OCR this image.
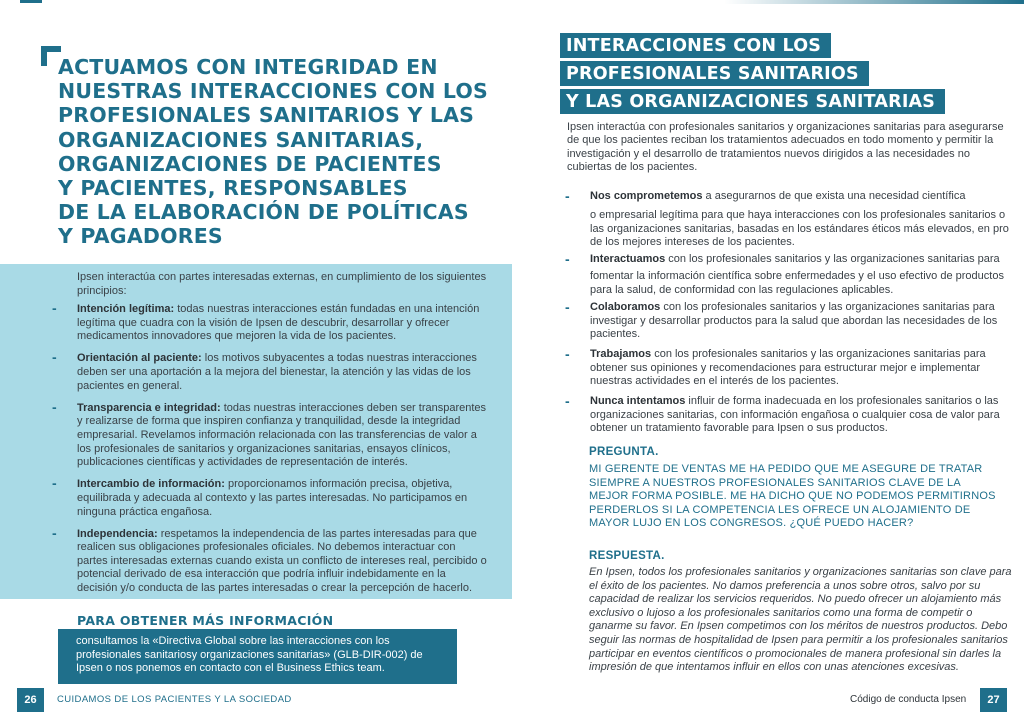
ACTUAMOS CON INTEGRIDAD EN
NUESTRAS INTERACCIONES CON LOS
PROFESIONALES SANITARIOS Y LAS
ORGANIZACIONES SANITARIAS,
ORGANIZACIONES DE PACIENTES
Y PACIENTES, RESPONSABLES
DE LA ELABORACIÓN DE POLÍTICAS
Y PAGADORES

Ipsen interactúa con partes interesadas externas, en cumplimiento de los siguientes principios:

- Intención legítima: todas nuestras interacciones están fundadas en una intención legítima que cuadra con la visión de Ipsen de descubrir, desarrollar y ofrecer medicamentos innovadores que mejoren la vida de los pacientes.
- Orientación al paciente: los motivos subyacentes a todas nuestras interacciones deben ser una aportación a la mejora del bienestar, la atención y las vidas de los pacientes en general.
- Transparencia e integridad: todas nuestras interacciones deben ser transparentes y realizarse de forma que inspiren confianza y tranquilidad, desde la integridad empresarial. Revelamos información relacionada con las transferencias de valor a los profesionales de sanitarios y organizaciones sanitarias, ensayos clínicos, publicaciones científicas y actividades de representación de interés.
- Intercambio de información: proporcionamos información precisa, objetiva, equilibrada y adecuada al contexto y las partes interesadas. No participamos en ninguna práctica engañosa.
- Independencia: respetamos la independencia de las partes interesadas para que realicen sus obligaciones profesionales oficiales. No debemos interactuar con partes interesadas externas cuando exista un conflicto de intereses real, percibido o potencial derivado de esa interacción que podría influir indebidamente en la decisión y/o conducta de las partes interesadas o crear la percepción de hacerlo.
PARA OBTENER MÁS INFORMACIÓN
consultamos la «Directiva Global sobre las interacciones con los profesionales sanitariosy organizaciones sanitarias» (GLB-DIR-002) de Ipsen o nos ponemos en contacto con el Business Ethics team.
26	CUIDAMOS DE LOS PACIENTES Y LA SOCIEDAD
INTERACCIONES CON LOS
PROFESIONALES SANITARIOS
Y LAS ORGANIZACIONES SANITARIAS

Ipsen interactúa con profesionales sanitarios y organizaciones sanitarias para asegurarse de que los pacientes reciban los tratamientos adecuados en todo momento y permitir la investigación y el desarrollo de tratamientos nuevos dirigidos a las necesidades no cubiertas de los pacientes.

- Nos comprometemos a asegurarnos de que exista una necesidad científica
o empresarial legítima para que haya interacciones con los profesionales sanitarios o las organizaciones sanitarias, basadas en los estándares éticos más elevados, en pro de los mejores intereses de los pacientes.
- Interactuamos con los profesionales sanitarios y las organizaciones sanitarias para
fomentar la información científica sobre enfermedades y el uso efectivo de productos para la salud, de conformidad con las regulaciones aplicables.
- Colaboramos con los profesionales sanitarios y las organizaciones sanitarias para investigar y desarrollar productos para la salud que abordan las necesidades de los pacientes.
- Trabajamos con los profesionales sanitarios y las organizaciones sanitarias para obtener sus opiniones y recomendaciones para estructurar mejor e implementar nuestras actividades en el interés de los pacientes.
- Nunca intentamos influir de forma inadecuada en los profesionales sanitarios o las organizaciones sanitarias, con información engañosa o cualquier cosa de valor para obtener un tratamiento favorable para Ipsen o sus productos.
PREGUNTA.

MI GERENTE DE VENTAS ME HA PEDIDO QUE ME ASEGURE DE TRATAR SIEMPRE A NUESTROS PROFESIONALES SANITARIOS CLAVE DE LA MEJOR FORMA POSIBLE. ME HA DICHO QUE NO PODEMOS PERMITIRNOS PERDERLOS SI LA COMPETENCIA LES OFRECE UN ALOJAMIENTO DE MAYOR LUJO EN LOS CONGRESOS. ¿QUÉ PUEDO HACER?

RESPUESTA.

En Ipsen, todos los profesionales sanitarios y organizaciones sanitarias son clave para el éxito de los pacientes. No damos preferencia a unos sobre otros, salvo por su capacidad de realizar los servicios requeridos. No puedo ofrecer un alojamiento más exclusivo o lujoso a los profesionales sanitarios como una forma de competir o ganarme su favor. En Ipsen competimos con los méritos de nuestros productos. Debo seguir las normas de hospitalidad de Ipsen para permitir a los profesionales sanitarios participar en eventos científicos o promocionales de manera profesional sin darles la impresión de que intentamos influir en ellos con unas atenciones excesivas.

Código de conducta Ipsen	27
